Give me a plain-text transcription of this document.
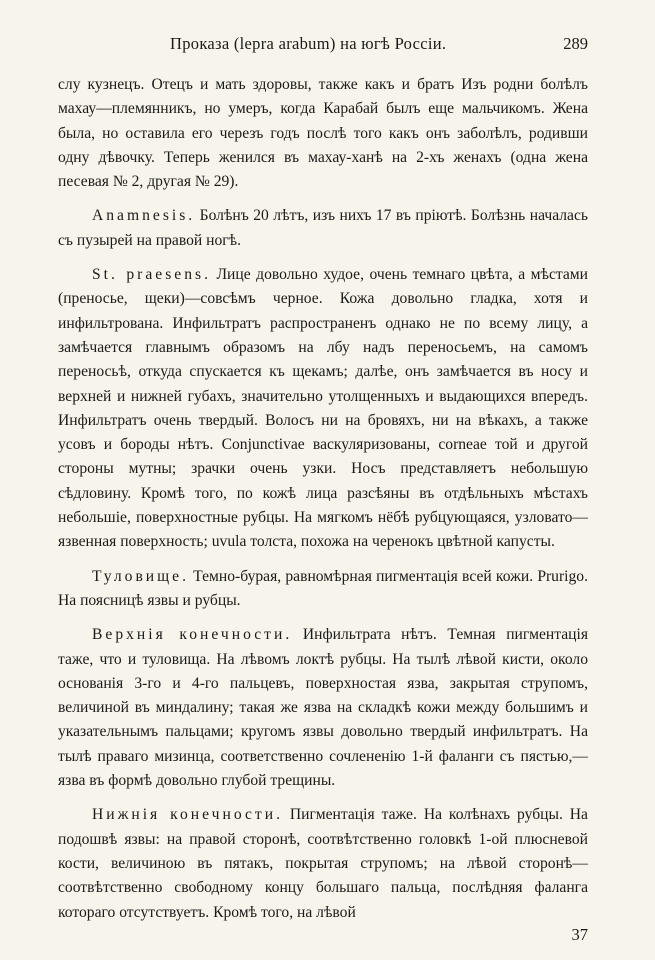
Проказа (lepra arabum) на югѣ Россіи.	289

слу кузнецъ. Отецъ и мать здоровы, также какъ и братъ Изъ родни болѣлъ махау—племянникъ, но умеръ, когда Карабай былъ еще мальчикомъ. Жена была, но оставила его черезъ годъ послѣ того какъ онъ заболѣлъ, родивши одну дѣвочку. Теперь женился въ махау-ханѣ на 2-хъ женахъ (одна жена песевая № 2, другая № 29).

Anamnesis. Болѣнъ 20 лѣтъ, изъ нихъ 17 въ пріютѣ. Болѣзнь началась съ пузырей на правой ногѣ.

St. praesens. Лице довольно худое, очень темнаго цвѣта, а мѣстами (преносье, щеки)—совсѣмъ черное. Кожа довольно гладка, хотя и инфильтрована. Инфильтратъ распространенъ однако не по всему лицу, а замѣчается главнымъ образомъ на лбу надъ переносьемъ, на самомъ переносьѣ, откуда спускается къ щекамъ; далѣе, онъ замѣчается въ носу и верхней и нижней губахъ, значительно утолщенныхъ и выдающихся впередъ. Инфильтратъ очень твердый. Волосъ ни на бровяхъ, ни на вѣкахъ, а также усовъ и бороды нѣтъ. Conjunctivae васкуляризованы, corneae той и другой стороны мутны; зрачки очень узки. Носъ представляетъ небольшую сѣдловину. Кромѣ того, по кожѣ лица разсѣяны въ отдѣльныхъ мѣстахъ небольшіе, поверхностные рубцы. На мягкомъ нёбѣ рубцующаяся, узловато—язвенная поверхность; uvula толста, похожа на черенокъ цвѣтной капусты.

Туловище. Темно-бурая, равномѣрная пигментація всей кожи. Prurigo. На поясницѣ язвы и рубцы.

Верхнія конечности. Инфильтрата нѣтъ. Темная пигментація таже, что и туловища. На лѣвомъ локтѣ рубцы. На тылѣ лѣвой кисти, около основанія 3-го и 4-го пальцевъ, поверхностая язва, закрытая струпомъ, величиной въ миндалину; такая же язва на складкѣ кожи между большимъ и указательнымъ пальцами; кругомъ язвы довольно твердый инфильтратъ. На тылѣ праваго мизинца, соответственно сочлененію 1-й фаланги съ пястью,—язва въ формѣ довольно глубой трещины.

Нижнія конечности. Пигментація таже. На колѣнахъ рубцы. На подошвѣ язвы: на правой сторонѣ, соотвѣтственно головкѣ 1-ой плюсневой кости, величиною въ пятакъ, покрытая струпомъ; на лѣвой сторонѣ—соотвѣтственно свободному концу большаго пальца, послѣдняя фаланга котораго отсутствуетъ. Кромѣ того, на лѣвой

37
